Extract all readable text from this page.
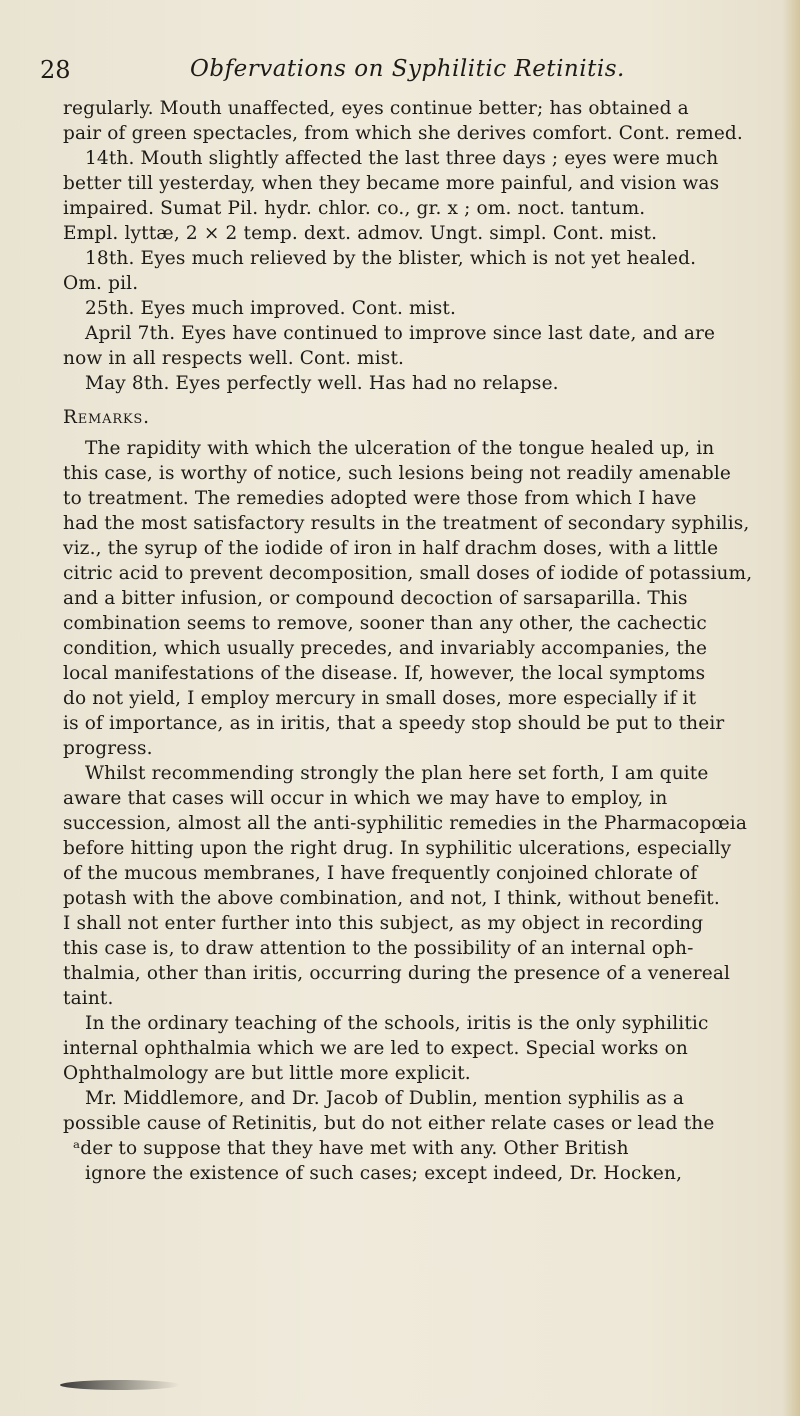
28	Obfervations on Syphilitic Retinitis.
regularly. Mouth unaffected, eyes continue better; has obtained a
pair of green spectacles, from which she derives comfort. Cont. remed.
14th. Mouth slightly affected the last three days ; eyes were much
better till yesterday, when they became more painful, and vision was
impaired. Sumat Pil. hydr. chlor. co., gr. x ; om. noct. tantum.
Empl. lyttæ, 2 × 2 temp. dext. admov. Ungt. simpl. Cont. mist.
18th. Eyes much relieved by the blister, which is not yet healed.
Om. pil.
25th. Eyes much improved. Cont. mist.
April 7th. Eyes have continued to improve since last date, and are
now in all respects well. Cont. mist.
May 8th. Eyes perfectly well. Has had no relapse.
Remarks.
The rapidity with which the ulceration of the tongue healed up, in
this case, is worthy of notice, such lesions being not readily amenable
to treatment. The remedies adopted were those from which I have
had the most satisfactory results in the treatment of secondary syphilis,
viz., the syrup of the iodide of iron in half drachm doses, with a little
citric acid to prevent decomposition, small doses of iodide of potassium,
and a bitter infusion, or compound decoction of sarsaparilla. This
combination seems to remove, sooner than any other, the cachectic
condition, which usually precedes, and invariably accompanies, the
local manifestations of the disease. If, however, the local symptoms
do not yield, I employ mercury in small doses, more especially if it
is of importance, as in iritis, that a speedy stop should be put to their
progress.
Whilst recommending strongly the plan here set forth, I am quite
aware that cases will occur in which we may have to employ, in
succession, almost all the anti-syphilitic remedies in the Pharmacopœia
before hitting upon the right drug. In syphilitic ulcerations, especially
of the mucous membranes, I have frequently conjoined chlorate of
potash with the above combination, and not, I think, without benefit.
I shall not enter further into this subject, as my object in recording
this case is, to draw attention to the possibility of an internal oph-
thalmia, other than iritis, occurring during the presence of a venereal
taint.
In the ordinary teaching of the schools, iritis is the only syphilitic
internal ophthalmia which we are led to expect. Special works on
Ophthalmology are but little more explicit.
Mr. Middlemore, and Dr. Jacob of Dublin, mention syphilis as a
possible cause of Retinitis, but do not either relate cases or lead the
ᵃder to suppose that they have met with any. Other British
ignore the existence of such cases; except indeed, Dr. Hocken,
